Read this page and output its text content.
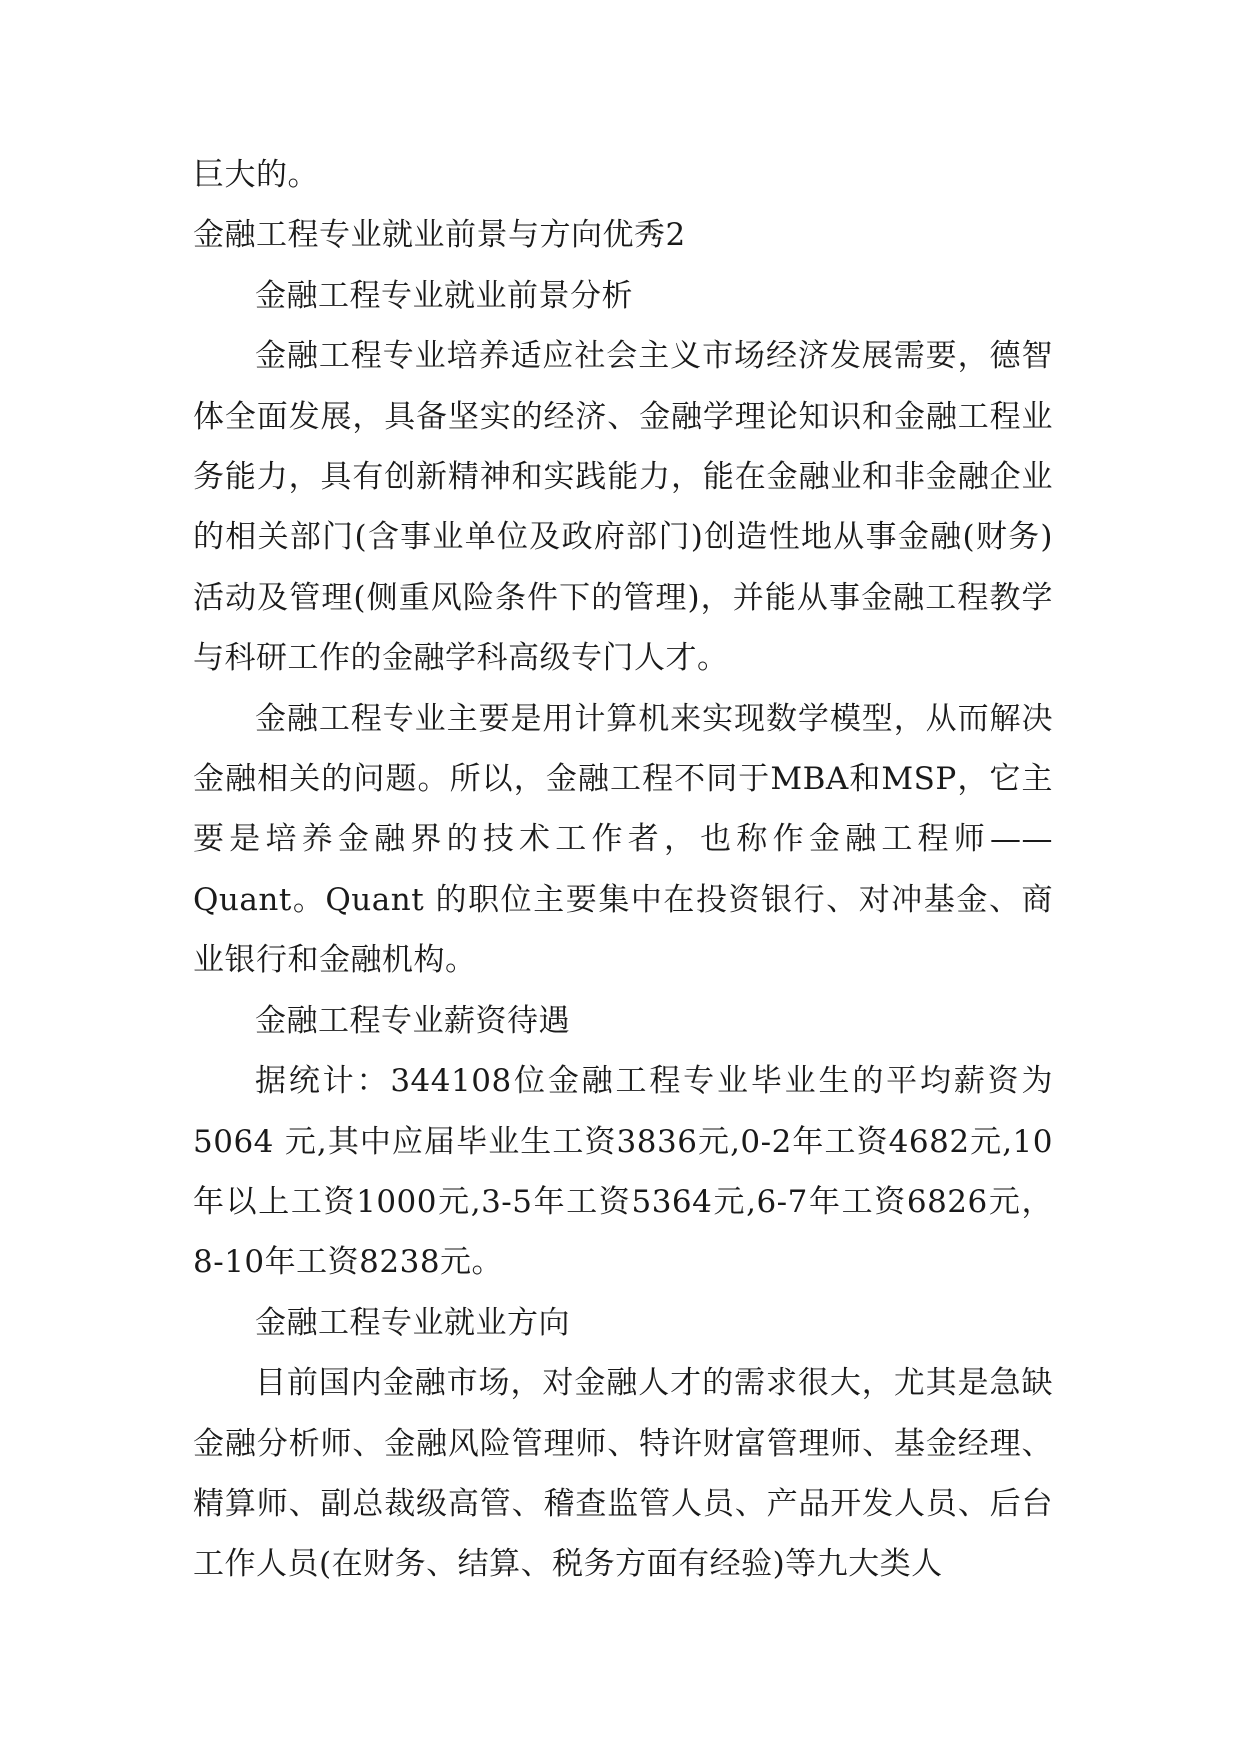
巨大的。

金融工程专业就业前景与方向优秀2

金融工程专业就业前景分析

金融工程专业培养适应社会主义市场经济发展需要，德智体全面发展，具备坚实的经济、金融学理论知识和金融工程业务能力，具有创新精神和实践能力，能在金融业和非金融企业的相关部门(含事业单位及政府部门)创造性地从事金融(财务)活动及管理(侧重风险条件下的管理)，并能从事金融工程教学与科研工作的金融学科高级专门人才。

金融工程专业主要是用计算机来实现数学模型，从而解决金融相关的问题。所以，金融工程不同于MBA和MSP，它主要是培养金融界的技术工作者，也称作金融工程师——Quant。Quant 的职位主要集中在投资银行、对冲基金、商业银行和金融机构。

金融工程专业薪资待遇

据统计：344108位金融工程专业毕业生的平均薪资为5064 元,其中应届毕业生工资3836元,0-2年工资4682元,10年以上工资1000元,3-5年工资5364元,6-7年工资6826元，8-10年工资8238元。

金融工程专业就业方向

目前国内金融市场，对金融人才的需求很大，尤其是急缺金融分析师、金融风险管理师、特许财富管理师、基金经理、精算师、副总裁级高管、稽查监管人员、产品开发人员、后台工作人员(在财务、结算、税务方面有经验)等九大类人
